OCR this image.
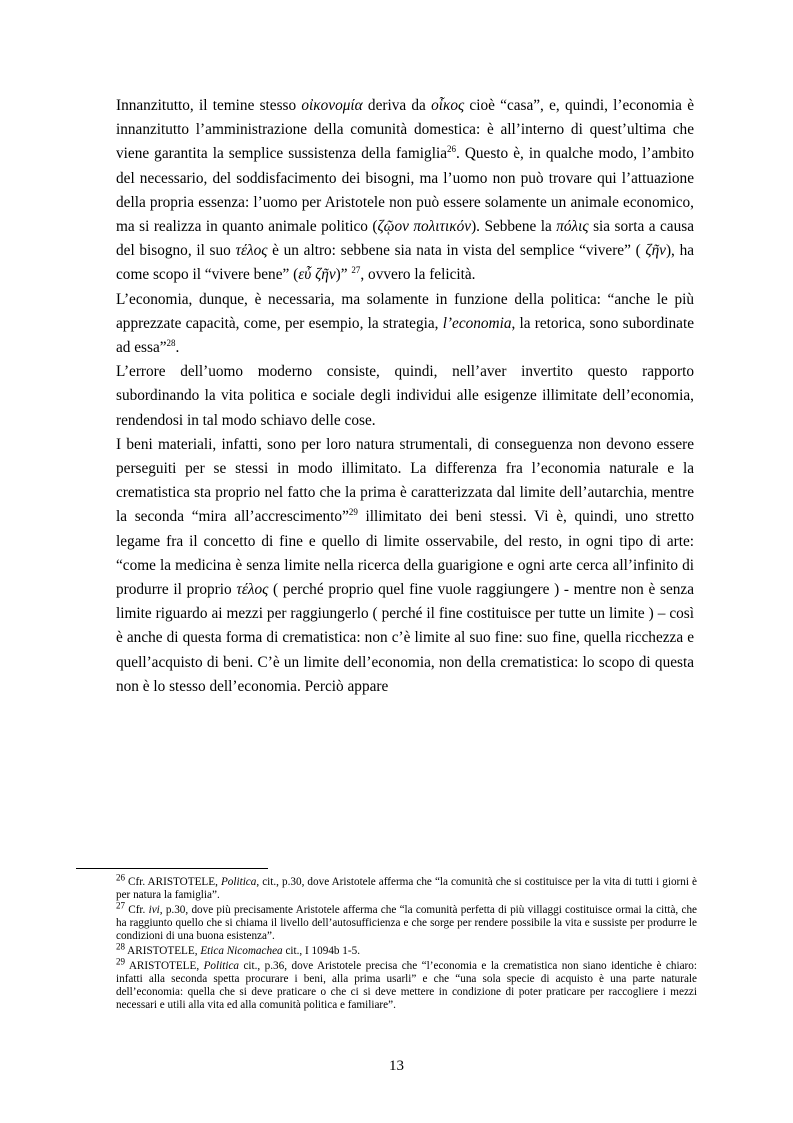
Innanzitutto, il temine stesso οἰκονομία deriva da οἶκος cioè “casa”, e, quindi, l’economia è innanzitutto l’amministrazione della comunità domestica: è all’interno di quest’ultima che viene garantita la semplice sussistenza della famiglia$^{26}$. Questo è, in qualche modo, l’ambito del necessario, del soddisfacimento dei bisogni, ma l’uomo non può trovare qui l’attuazione della propria essenza: l’uomo per Aristotele non può essere solamente un animale economico, ma si realizza in quanto animale politico (ζῷον πολιτικόν). Sebbene la πόλις sia sorta a causa del bisogno, il suo τέλος è un altro: sebbene sia nata in vista del semplice “vivere” ( ζῆν), ha come scopo il “vivere bene” (εὖ ζῆν)” $^{27}$, ovvero la felicità.

L’economia, dunque, è necessaria, ma solamente in funzione della politica: “anche le più apprezzate capacità, come, per esempio, la strategia, l’economia, la retorica, sono subordinate ad essa”$^{28}$.

L’errore dell’uomo moderno consiste, quindi, nell’aver invertito questo rapporto subordinando la vita politica e sociale degli individui alle esigenze illimitate dell’economia, rendendosi in tal modo schiavo delle cose.

I beni materiali, infatti, sono per loro natura strumentali, di conseguenza non devono essere perseguiti per se stessi in modo illimitato. La differenza fra l’economia naturale e la crematistica sta proprio nel fatto che la prima è caratterizzata dal limite dell’autarchia, mentre la seconda “mira all’accrescimento”$^{29}$ illimitato dei beni stessi. Vi è, quindi, uno stretto legame fra il concetto di fine e quello di limite osservabile, del resto, in ogni tipo di arte: “come la medicina è senza limite nella ricerca della guarigione e ogni arte cerca all’infinito di produrre il proprio τέλος ( perché proprio quel fine vuole raggiungere ) - mentre non è senza limite riguardo ai mezzi per raggiungerlo ( perché il fine costituisce per tutte un limite ) – così è anche di questa forma di crematistica: non c’è limite al suo fine: suo fine, quella ricchezza e quell’acquisto di beni. C’è un limite dell’economia, non della crematistica: lo scopo di questa non è lo stesso dell’economia. Perciò appare

$^{26}$ Cfr. ARISTOTELE, Politica, cit., p.30, dove Aristotele afferma che “la comunità che si costituisce per la vita di tutti i giorni è per natura la famiglia”.
$^{27}$ Cfr. ivi, p.30, dove più precisamente Aristotele afferma che “la comunità perfetta di più villaggi costituisce ormai la città, che ha raggiunto quello che si chiama il livello dell’autosufficienza e che sorge per rendere possibile la vita e sussiste per produrre le condizioni di una buona esistenza”.
$^{28}$ ARISTOTELE, Etica Nicomachea cit., I 1094b 1-5.
$^{29}$ ARISTOTELE, Politica cit., p.36, dove Aristotele precisa che “l’economia e la crematistica non siano identiche è chiaro: infatti alla seconda spetta procurare i beni, alla prima usarli” e che “una sola specie di acquisto è una parte naturale dell’economia: quella che si deve praticare o che ci si deve mettere in condizione di poter praticare per raccogliere i mezzi necessari e utili alla vita ed alla comunità politica e familiare”.
13
